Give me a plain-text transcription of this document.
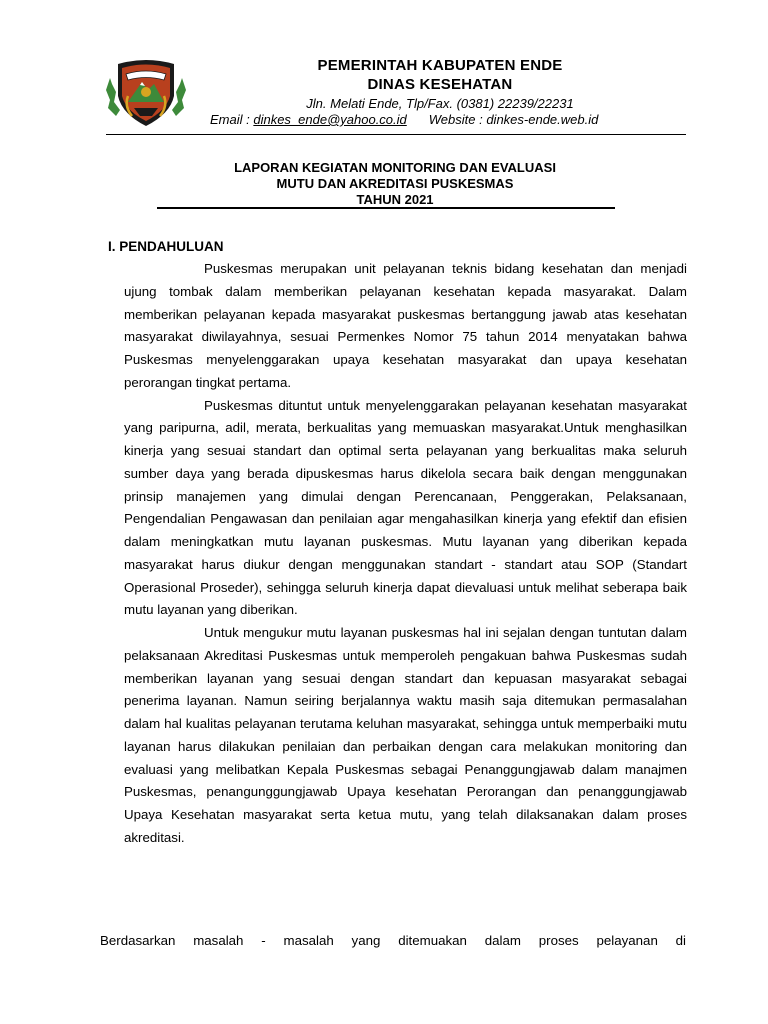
PEMERINTAH KABUPATEN ENDE
DINAS KESEHATAN
Jln. Melati Ende, Tlp/Fax. (0381) 22239/22231
Email : dinkes_ende@yahoo.co.id Website : dinkes-ende.web.id
LAPORAN KEGIATAN MONITORING DAN EVALUASI
MUTU DAN AKREDITASI PUSKESMAS
TAHUN 2021
I. PENDAHULUAN

Puskesmas merupakan unit pelayanan teknis bidang kesehatan dan menjadi ujung tombak dalam memberikan pelayanan kesehatan kepada masyarakat. Dalam memberikan pelayanan kepada masyarakat puskesmas bertanggung jawab atas kesehatan masyarakat diwilayahnya, sesuai Permenkes Nomor 75 tahun 2014 menyatakan bahwa Puskesmas menyelenggarakan upaya kesehatan masyarakat dan upaya kesehatan perorangan tingkat pertama.

Puskesmas dituntut untuk menyelenggarakan pelayanan kesehatan masyarakat yang paripurna, adil, merata, berkualitas yang memuaskan masyarakat.Untuk menghasilkan kinerja yang sesuai standart dan optimal serta pelayanan yang berkualitas maka seluruh sumber daya yang berada dipuskesmas harus dikelola secara baik dengan menggunakan prinsip manajemen yang dimulai dengan Perencanaan, Penggerakan, Pelaksanaan, Pengendalian Pengawasan dan penilaian agar mengahasilkan kinerja yang efektif dan efisien dalam meningkatkan mutu layanan puskesmas. Mutu layanan yang diberikan kepada masyarakat harus diukur dengan menggunakan standart - standart atau SOP (Standart Operasional Proseder), sehingga seluruh kinerja dapat dievaluasi untuk melihat seberapa baik mutu layanan yang diberikan.

Untuk mengukur mutu layanan puskesmas hal ini sejalan dengan tuntutan dalam pelaksanaan Akreditasi Puskesmas untuk memperoleh pengakuan bahwa Puskesmas sudah memberikan layanan yang sesuai dengan standart dan kepuasan masyarakat sebagai penerima layanan. Namun seiring berjalannya waktu masih saja ditemukan permasalahan dalam hal kualitas pelayanan terutama keluhan masyarakat, sehingga untuk memperbaiki mutu layanan harus dilakukan penilaian dan perbaikan dengan cara melakukan monitoring dan evaluasi yang melibatkan Kepala Puskesmas sebagai Penanggungjawab dalam manajmen Puskesmas, penangunggungjawab Upaya kesehatan Perorangan dan penanggungjawab Upaya Kesehatan masyarakat serta ketua mutu, yang telah dilaksanakan dalam proses akreditasi.

Berdasarkan masalah - masalah yang ditemuakan dalam proses pelayanan di
